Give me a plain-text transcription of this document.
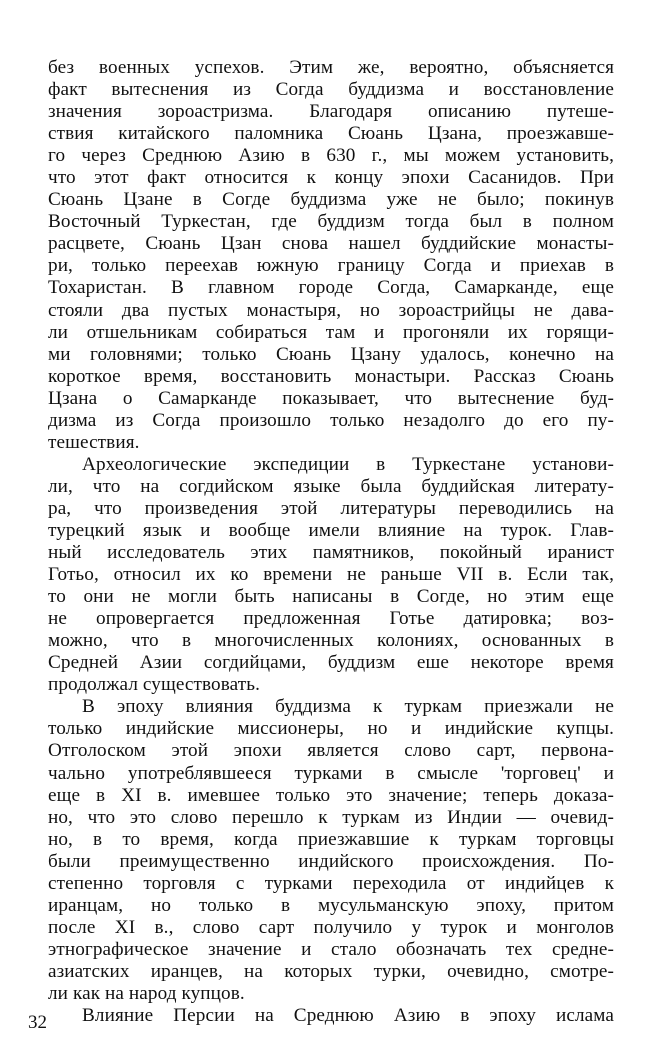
без военных успехов. Этим же, вероятно, объясняется
факт вытеснения из Согда буддизма и восстановление
значения зороастризма. Благодаря описанию путеше-
ствия китайского паломника Сюань Цзана, проезжавше-
го через Среднюю Азию в 630 г., мы можем установить,
что этот факт относится к концу эпохи Сасанидов. При
Сюань Цзане в Согде буддизма уже не было; покинув
Восточный Туркестан, где буддизм тогда был в полном
расцвете, Сюань Цзан снова нашел буддийские монасты-
ри, только переехав южную границу Согда и приехав в
Тохаристан. В главном городе Согда, Самарканде, еще
стояли два пустых монастыря, но зороастрийцы не дава-
ли отшельникам собираться там и прогоняли их горящи-
ми головнями; только Сюань Цзану удалось, конечно на
короткое время, восстановить монастыри. Рассказ Сюань
Цзана о Самарканде показывает, что вытеснение буд-
дизма из Согда произошло только незадолго до его пу-
тешествия.
Археологические экспедиции в Туркестане установи-
ли, что на согдийском языке была буддийская литерату-
ра, что произведения этой литературы переводились на
турецкий язык и вообще имели влияние на турок. Глав-
ный исследователь этих памятников, покойный иранист
Готьо, относил их ко времени не раньше VII в. Если так,
то они не могли быть написаны в Согде, но этим еще
не опровергается предложенная Готье датировка; воз-
можно, что в многочисленных колониях, основанных в
Средней Азии согдийцами, буддизм еше некоторе время
продолжал существовать.
В эпоху влияния буддизма к туркам приезжали не
только индийские миссионеры, но и индийские купцы.
Отголоском этой эпохи является слово сарт, первона-
чально употреблявшееся турками в смысле 'торговец' и
еще в XI в. имевшее только это значение; теперь доказа-
но, что это слово перешло к туркам из Индии — очевид-
но, в то время, когда приезжавшие к туркам торговцы
были преимущественно индийского происхождения. По-
степенно торговля с турками переходила от индийцев к
иранцам, но только в мусульманскую эпоху, притом
после XI в., слово сарт получило у турок и монголов
этнографическое значение и стало обозначать тех средне-
азиатских иранцев, на которых турки, очевидно, смотре-
ли как на народ купцов.
Влияние Персии на Среднюю Азию в эпоху ислама
32
